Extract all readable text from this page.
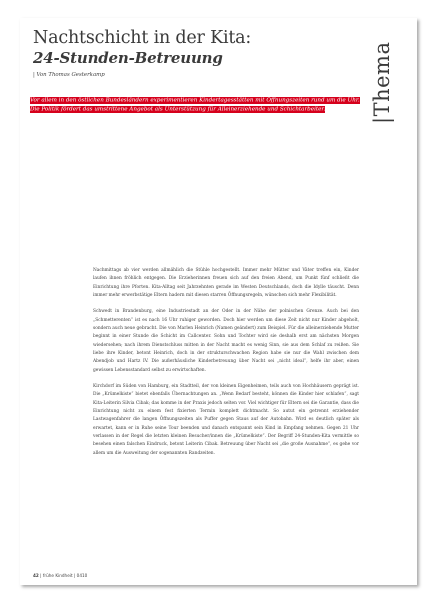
Nachtschicht in der Kita:
24-Stunden-Betreuung
| Von Thomas Gesterkamp	|Thema
Vor allem in den östlichen Bundesländern experimentieren Kindertagesstätten mit Öffnungszeiten rund um die Uhr. Die Politik fördert das umstrittene Angebot als Unterstützung für Alleinerziehende und Schichtarbeiter.

Nachmittags ab vier werden allmählich die Stühle hochgestellt. Immer mehr Mütter und Väter treffen ein, Kinder laufen ihnen fröhlich entgegen. Die Erzieherinnen freuen sich auf den freien Abend, um Punkt fünf schließt die Einrichtung ihre Pforten. Kita-Alltag seit Jahrzehnten gerade im Westen Deutschlands, doch die Idylle täuscht. Denn immer mehr erwerbstätige Eltern hadern mit diesen starren Öffnungsregeln, wünschen sich mehr Flexibilität.

Schwedt in Brandenburg, eine Industriestadt an der Oder in der Nähe der polnischen Grenze. Auch bei den „Schmetterenten“ ist es nach 16 Uhr ruhiger geworden. Doch hier werden um diese Zeit nicht nur Kinder abgeholt, sondern auch neue gebracht. Die von Marlen Heinrich (Namen geändert) zum Beispiel. Für die alleinerziehende Mutter beginnt in einer Stunde die Schicht im Callcenter. Sohn und Tochter wird sie deshalb erst am nächsten Morgen wiedersehen; nach ihrem Dienstschluss mitten in der Nacht macht es wenig Sinn, sie aus dem Schlaf zu reißen. Sie liebe ihre Kinder, betont Heinrich, doch in der strukturschwachen Region habe sie nur die Wahl zwischen dem Abendjob und Hartz IV. Die außerhäusliche Kinderbetreuung über Nacht sei „nicht ideal“, helfe ihr aber, einen gewissen Lebensstandard selbst zu erwirtschaften.

Kirchdorf im Süden von Hamburg, ein Stadtteil, der von kleinen Eigenheimen, teils auch von Hochhäusern geprägt ist. Die „Krümelkiste“ bietet ebenfalls Übernachtungen an. „Wenn Bedarf besteht, können die Kinder hier schlafen“, sagt Kita-Leiterin Silvia Cibak; das komme in der Praxis jedoch selten vor. Viel wichtiger für Eltern sei die Garantie, dass die Einrichtung nicht zu einem fest fixierten Termin komplett dichtmacht. So autut ein getrennt erziehender Lastwagenfahrer die langen Öffnungszeiten als Puffer gegen Staus auf der Autobahn. Wird es deutlich später als erwartet, kann er in Ruhe seine Tour beenden und danach entspannt sein Kind in Empfang nehmen. Gegen 21 Uhr verlassen in der Regel die letzten kleinen Besucher/innen die „Krümelkiste“. Der Begriff 24-Stunden-Kita vermittle so besehen einen falschen Eindruck, betont Leiterin Cibak. Betreuung über Nacht sei „die große Ausnahme“, es gehe vor allem um die Ausweitung der sogenannten Randzeiten.

42 | frühe Kindheit | 0410
